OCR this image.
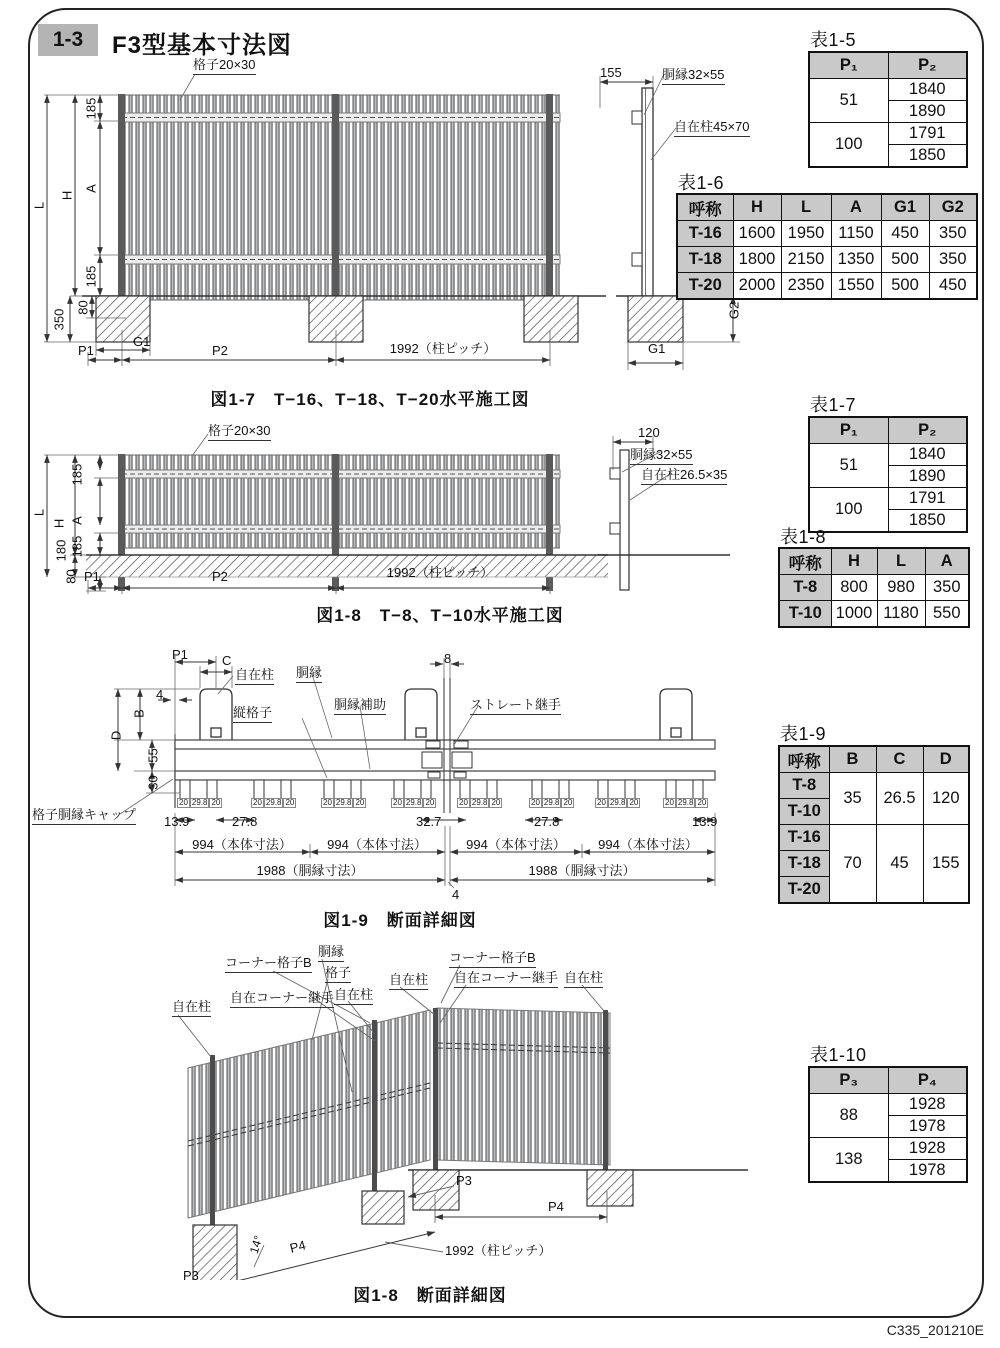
1-3	F3型基本寸法図
格子20×30
L
H
185
A
185
350
80
P1
G1
P2	1992（柱ピッチ）
155	胴縁32×55
自在柱45×70
G2
G1
図1-7　T−16、T−18、T−20水平施工図
格子20×30
L
H
185
A
185
180
80 P1	P2	1992（柱ピッチ）
120
胴縁32×55
自在柱26.5×35
図1-8　T−8、T−10水平施工図
P1	C
自在柱 胴縁
縦格子
胴縁補助	ストレート継手
8
4
B
D
55
30
格子胴縁キャップ
20 29.8 20	20 29.8 20	20 29.8 20	20 29.8 20	20 29.8 20	20 29.8 20	20 29.8 20	20 29.8 20
13.9	27.8	32.7	27.8	13.9
994（本体寸法）	994（本体寸法）	994（本体寸法）	994（本体寸法）
1988（胴縁寸法）	1988（胴縁寸法）
4
図1-9　断面詳細図
自在柱
コーナー格子B
自在コーナー継手
胴縁
格子
自在柱
自在柱
コーナー格子B
自在コーナー継手 自在柱
P3
P4
14°
P3
P4
1992（柱ピッチ）
図1-8　断面詳細図
表1-5
P₁	P₂
51	1840
	1890
100	1791
	1850
表1-6
呼称	H	L	A	G1	G2
T-16	1600	1950	1150	450	350
T-18	1800	2150	1350	500	350
T-20	2000	2350	1550	500	450
表1-7
P₁	P₂
51	1840
	1890
100	1791
	1850
表1-8
呼称	H	L	A
T-8	800	980	350
T-10	1000	1180	550
表1-9
呼称	B	C	D
T-8	35	26.5	120
T-10			
T-16	70	45	155
T-18			
T-20			
表1-10
P₃	P₄
88	1928
	1978
138	1928
	1978
C335_201210E
